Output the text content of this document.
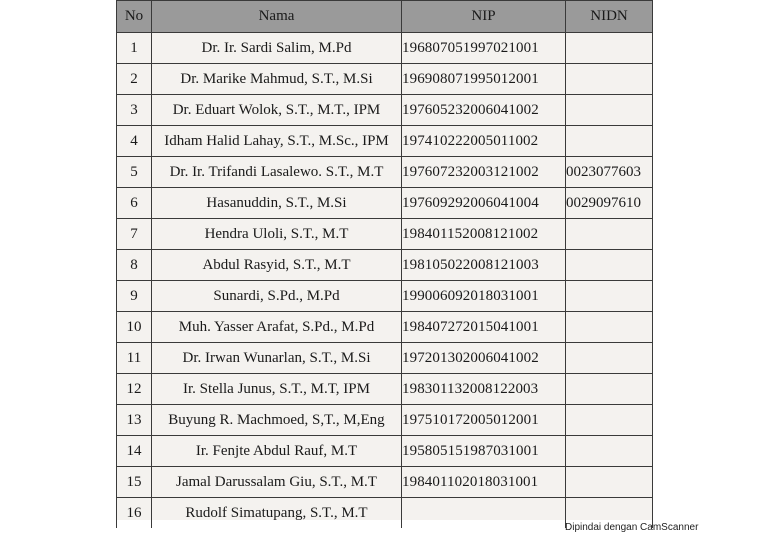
No	Nama	NIP	NIDN
1	Dr. Ir. Sardi Salim, M.Pd	196807051997021001	
2	Dr. Marike Mahmud, S.T., M.Si	196908071995012001	
3	Dr. Eduart Wolok, S.T., M.T., IPM	197605232006041002	
4	Idham Halid Lahay, S.T., M.Sc., IPM	197410222005011002	
5	Dr. Ir. Trifandi Lasalewo. S.T., M.T	197607232003121002	0023077603
6	Hasanuddin, S.T., M.Si	197609292006041004	0029097610
7	Hendra Uloli, S.T., M.T	198401152008121002	
8	Abdul Rasyid, S.T., M.T	198105022008121003	
9	Sunardi, S.Pd., M.Pd	199006092018031001	
10	Muh. Yasser Arafat, S.Pd., M.Pd	198407272015041001	
11	Dr. Irwan Wunarlan, S.T., M.Si	197201302006041002	
12	Ir. Stella Junus, S.T., M.T, IPM	198301132008122003	
13	Buyung R. Machmoed, S,T., M,Eng	197510172005012001	
14	Ir. Fenjte Abdul Rauf, M.T	195805151987031001	
15	Jamal Darussalam Giu, S.T., M.T	198401102018031001	
16	Rudolf Simatupang, S.T., M.T		
Dipindai dengan CamScanner
